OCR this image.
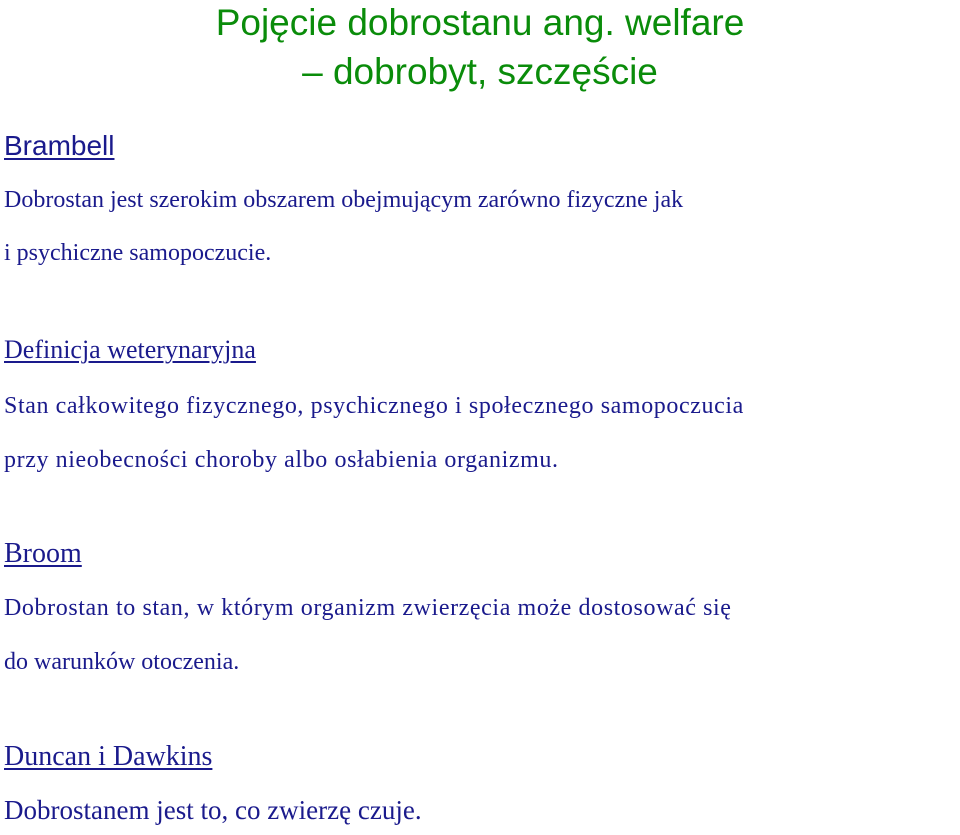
Pojęcie dobrostanu ang. welfare
– dobrobyt, szczęście
Brambell
Dobrostan jest szerokim obszarem obejmującym zarówno fizyczne jak
i psychiczne samopoczucie.
Definicja weterynaryjna
Stan całkowitego fizycznego, psychicznego i społecznego samopoczucia
przy nieobecności choroby albo osłabienia organizmu.
Broom
Dobrostan to stan, w którym organizm zwierzęcia może dostosować się
do warunków otoczenia.
Duncan i Dawkins
Dobrostanem jest to, co zwierzę czuje.
